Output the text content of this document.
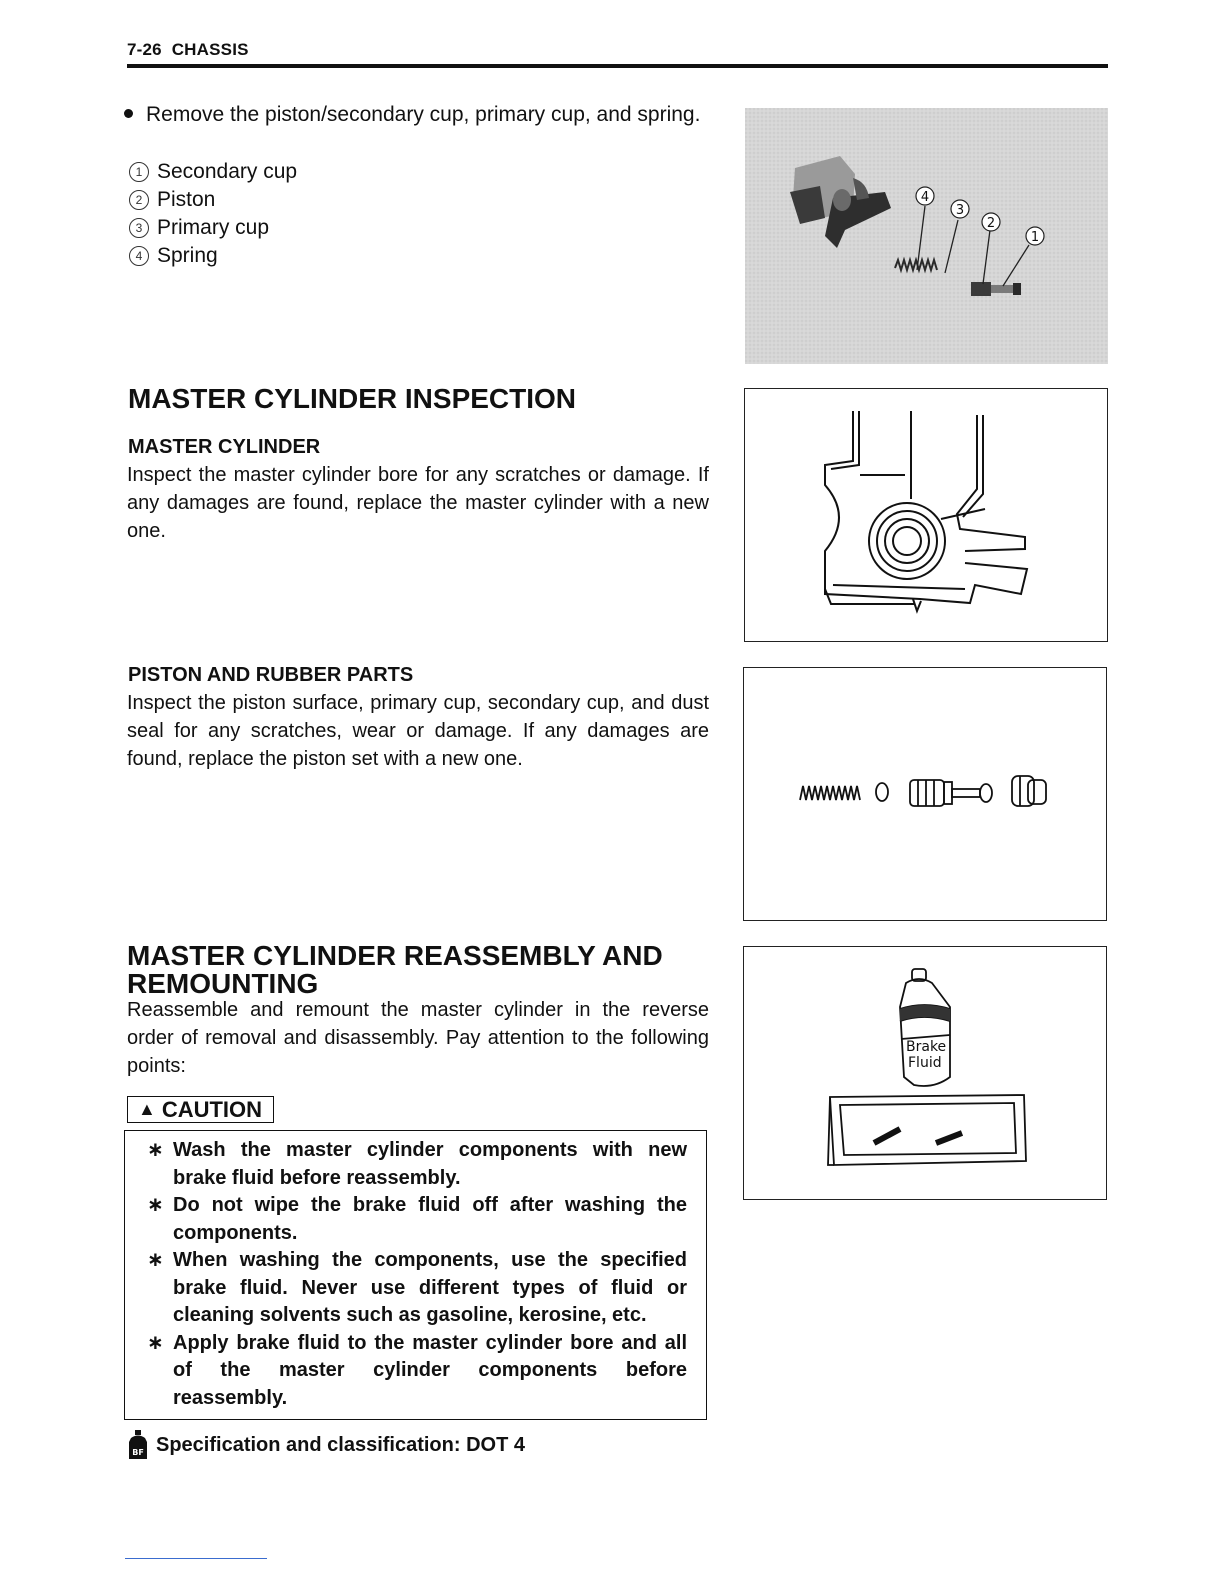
7-26 CHASSIS
Remove the piston/secondary cup, primary cup, and spring.
1 Secondary cup
2 Piston
3 Primary cup
4 Spring
4
3
2
1
MASTER CYLINDER INSPECTION
MASTER CYLINDER
Inspect the master cylinder bore for any scratches or damage. If any damages are found, replace the master cylinder with a new one.
PISTON AND RUBBER PARTS
Inspect the piston surface, primary cup, secondary cup, and dust seal for any scratches, wear or damage. If any damages are found, replace the piston set with a new one.
MASTER CYLINDER REASSEMBLY AND
REMOUNTING
Reassemble and remount the master cylinder in the reverse order of removal and disassembly. Pay attention to the following points:
Brake
Fluid
▲ CAUTION
∗ Wash the master cylinder components with new brake fluid before reassembly.
∗ Do not wipe the brake fluid off after washing the components.
∗ When washing the components, use the specified brake fluid. Never use different types of fluid or cleaning solvents such as gasoline, kerosine, etc.
∗ Apply brake fluid to the master cylinder bore and all of the master cylinder components before reassembly.
BF Specification and classification: DOT 4
